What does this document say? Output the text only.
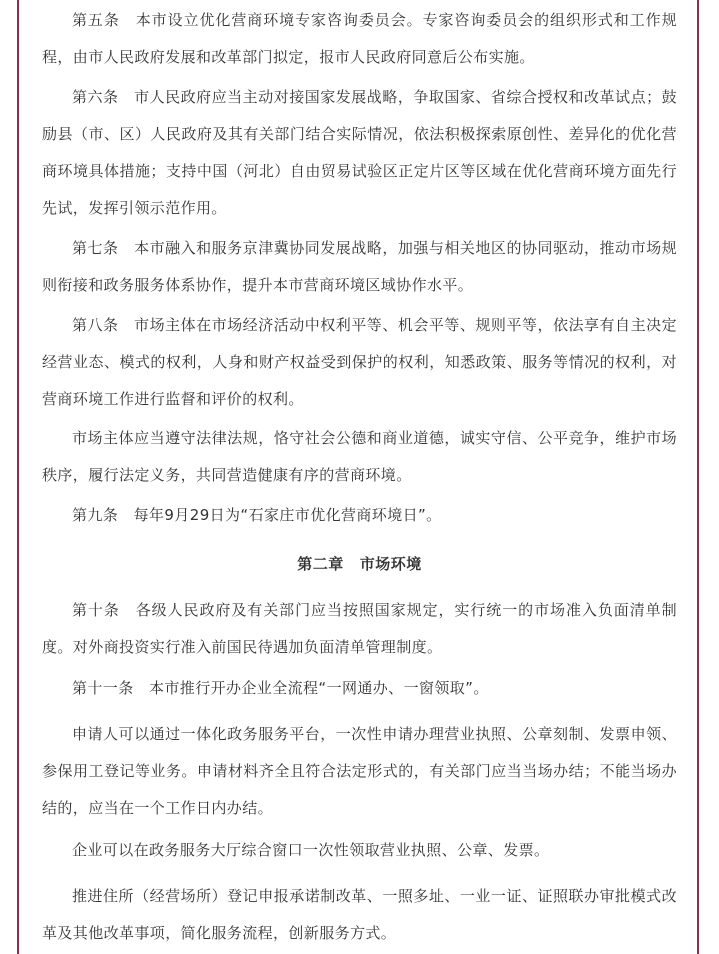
第五条　本市设立优化营商环境专家咨询委员会。专家咨询委员会的组织形式和工作规程，由市人民政府发展和改革部门拟定，报市人民政府同意后公布实施。

第六条　市人民政府应当主动对接国家发展战略，争取国家、省综合授权和改革试点；鼓励县（市、区）人民政府及其有关部门结合实际情况，依法积极探索原创性、差异化的优化营商环境具体措施；支持中国（河北）自由贸易试验区正定片区等区域在优化营商环境方面先行先试，发挥引领示范作用。

第七条　本市融入和服务京津冀协同发展战略，加强与相关地区的协同驱动，推动市场规则衔接和政务服务体系协作，提升本市营商环境区域协作水平。

第八条　市场主体在市场经济活动中权利平等、机会平等、规则平等，依法享有自主决定经营业态、模式的权利，人身和财产权益受到保护的权利，知悉政策、服务等情况的权利，对营商环境工作进行监督和评价的权利。

市场主体应当遵守法律法规，恪守社会公德和商业道德，诚实守信、公平竞争，维护市场秩序，履行法定义务，共同营造健康有序的营商环境。

第九条　每年9月29日为“石家庄市优化营商环境日”。

第二章 市场环境

第十条　各级人民政府及有关部门应当按照国家规定，实行统一的市场准入负面清单制度。对外商投资实行准入前国民待遇加负面清单管理制度。

第十一条　本市推行开办企业全流程“一网通办、一窗领取”。

申请人可以通过一体化政务服务平台，一次性申请办理营业执照、公章刻制、发票申领、参保用工登记等业务。申请材料齐全且符合法定形式的，有关部门应当当场办结；不能当场办结的，应当在一个工作日内办结。

企业可以在政务服务大厅综合窗口一次性领取营业执照、公章、发票。

推进住所（经营场所）登记申报承诺制改革、一照多址、一业一证、证照联办审批模式改革及其他改革事项，简化服务流程，创新服务方式。
